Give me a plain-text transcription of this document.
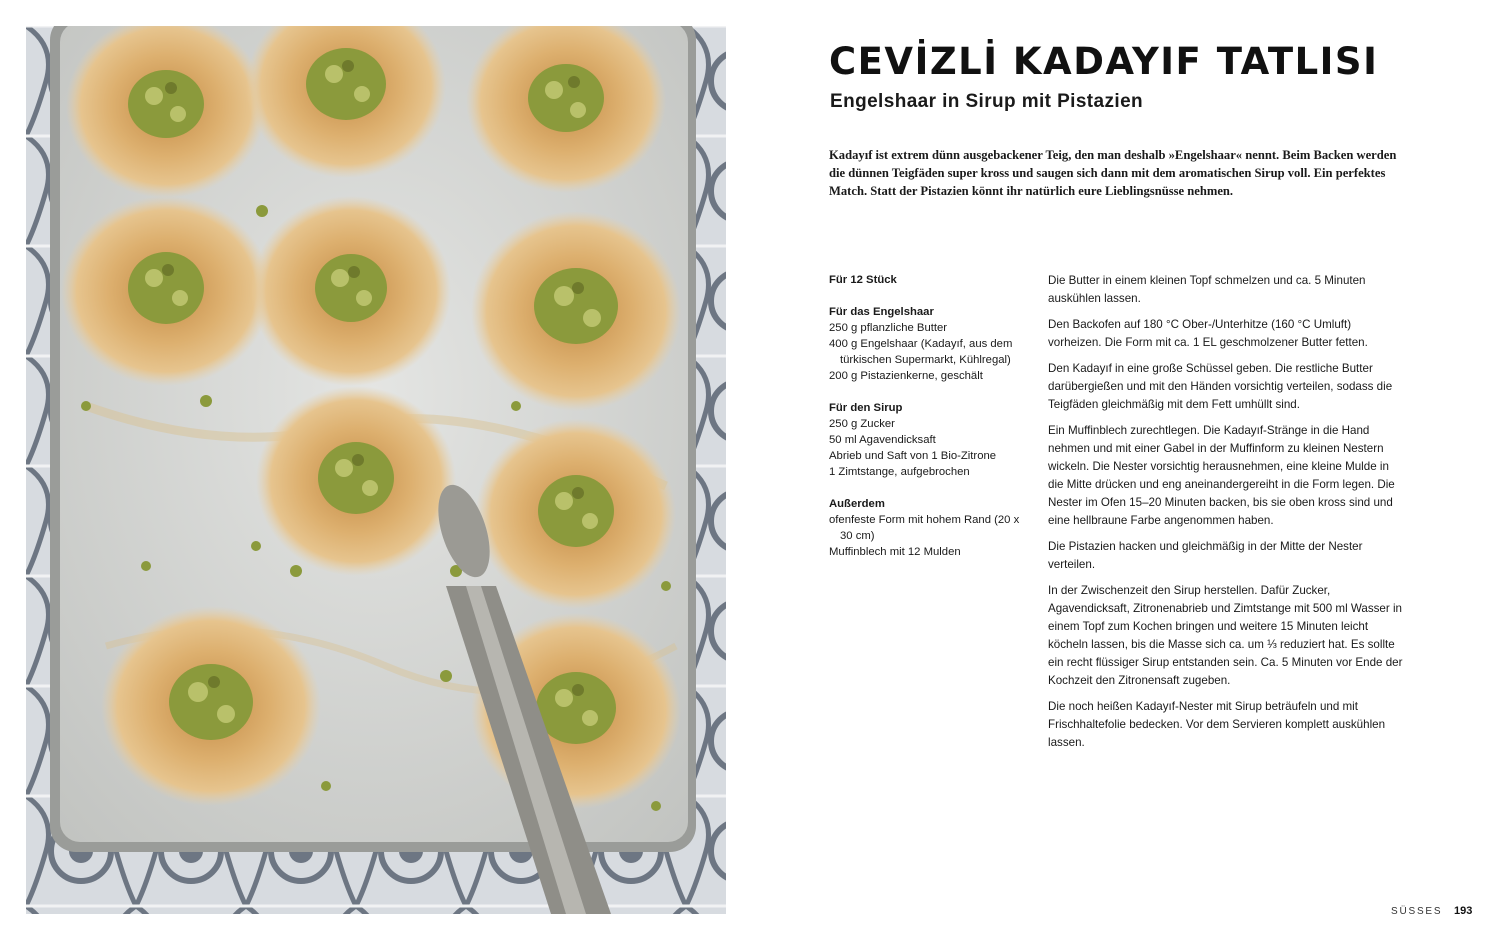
CEVİZLİ KADAYIF TATLISI
Engelshaar in Sirup mit Pistazien

Kadayıf ist extrem dünn ausgebackener Teig, den man deshalb »Engelshaar« nennt. Beim Backen werden die dünnen Teigfäden super kross und saugen sich dann mit dem aromatischen Sirup voll. Ein perfektes Match. Statt der Pistazien könnt ihr natürlich eure Lieblingsnüsse nehmen.

Für 12 Stück
Für das Engelshaar
250 g pflanzliche Butter
400 g Engelshaar (Kadayıf, aus dem türkischen Supermarkt, Kühlregal)
200 g Pistazienkerne, geschält
Für den Sirup
250 g Zucker
50 ml Agavendicksaft
Abrieb und Saft von 1 Bio-Zitrone
1 Zimtstange, aufgebrochen
Außerdem
ofenfeste Form mit hohem Rand (20 x 30 cm)
Muffinblech mit 12 Mulden

Die Butter in einem kleinen Topf schmelzen und ca. 5 Minuten auskühlen lassen.

Den Backofen auf 180 °C Ober-/Unterhitze (160 °C Umluft) vorheizen. Die Form mit ca. 1 EL geschmolzener Butter fetten.

Den Kadayıf in eine große Schüssel geben. Die restliche Butter darübergießen und mit den Händen vorsichtig verteilen, sodass die Teigfäden gleichmäßig mit dem Fett umhüllt sind.

Ein Muffinblech zurechtlegen. Die Kadayıf-Stränge in die Hand nehmen und mit einer Gabel in der Muffinform zu kleinen Nestern wickeln. Die Nester vorsichtig herausnehmen, eine kleine Mulde in die Mitte drücken und eng aneinandergereiht in die Form legen. Die Nester im Ofen 15–20 Minuten backen, bis sie oben kross sind und eine hellbraune Farbe angenommen haben.

Die Pistazien hacken und gleichmäßig in der Mitte der Nester verteilen.

In der Zwischenzeit den Sirup herstellen. Dafür Zucker, Agavendicksaft, Zitronenabrieb und Zimtstange mit 500 ml Wasser in einem Topf zum Kochen bringen und weitere 15 Minuten leicht köcheln lassen, bis die Masse sich ca. um ⅓ reduziert hat. Es sollte ein recht flüssiger Sirup entstanden sein. Ca. 5 Minuten vor Ende der Kochzeit den Zitronensaft zugeben.

Die noch heißen Kadayıf-Nester mit Sirup beträufeln und mit Frischhaltefolie bedecken. Vor dem Servieren komplett auskühlen lassen.

SÜSSES 193
